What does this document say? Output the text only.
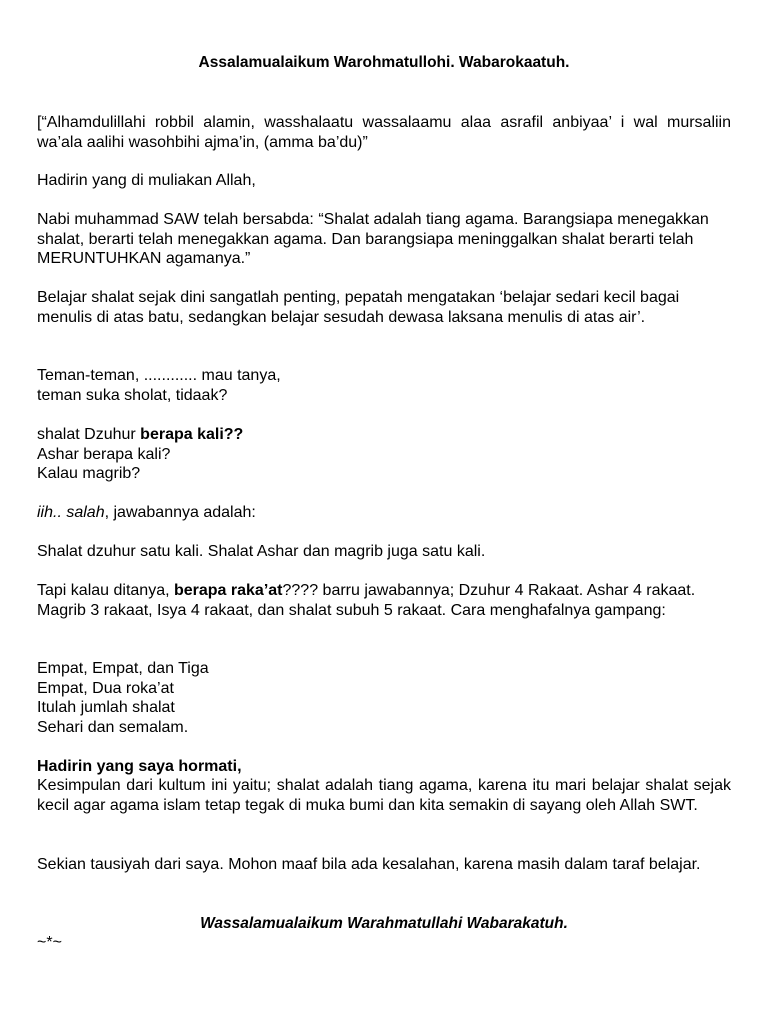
Assalamualaikum Warohmatullohi. Wabarokaatuh.

[“Alhamdulillahi robbil alamin, wasshalaatu wassalaamu alaa asrafil anbiyaa’ i wal mursaliin wa’ala aalihi wasohbihi ajma’in, (amma ba’du)”

Hadirin yang di muliakan Allah,

Nabi muhammad SAW telah bersabda: “Shalat adalah tiang agama. Barangsiapa menegakkan shalat, berarti telah menegakkan agama. Dan barangsiapa meninggalkan shalat berarti telah MERUNTUHKAN agamanya.”

Belajar shalat sejak dini sangatlah penting, pepatah mengatakan ‘belajar sedari kecil bagai menulis di atas batu, sedangkan belajar sesudah dewasa laksana menulis di atas air’.

Teman-teman, ............ mau tanya,
teman suka sholat, tidaak?

shalat Dzuhur berapa kali??
Ashar berapa kali?
Kalau magrib?

iih.. salah, jawabannya adalah:

Shalat dzuhur satu kali. Shalat Ashar dan magrib juga satu kali.

Tapi kalau ditanya, berapa raka’at???? barru jawabannya; Dzuhur 4 Rakaat. Ashar 4 rakaat. Magrib 3 rakaat, Isya 4 rakaat, dan shalat subuh 5 rakaat. Cara menghafalnya gampang:

Empat, Empat, dan Tiga
Empat, Dua roka’at
Itulah jumlah shalat
Sehari dan semalam.

Hadirin yang saya hormati,

Kesimpulan dari kultum ini yaitu; shalat adalah tiang agama, karena itu mari belajar shalat sejak kecil agar agama islam tetap tegak di muka bumi dan kita semakin di sayang oleh Allah SWT.

Sekian tausiyah dari saya. Mohon maaf bila ada kesalahan, karena masih dalam taraf belajar.

Wassalamualaikum Warahmatullahi Wabarakatuh.

~*~
